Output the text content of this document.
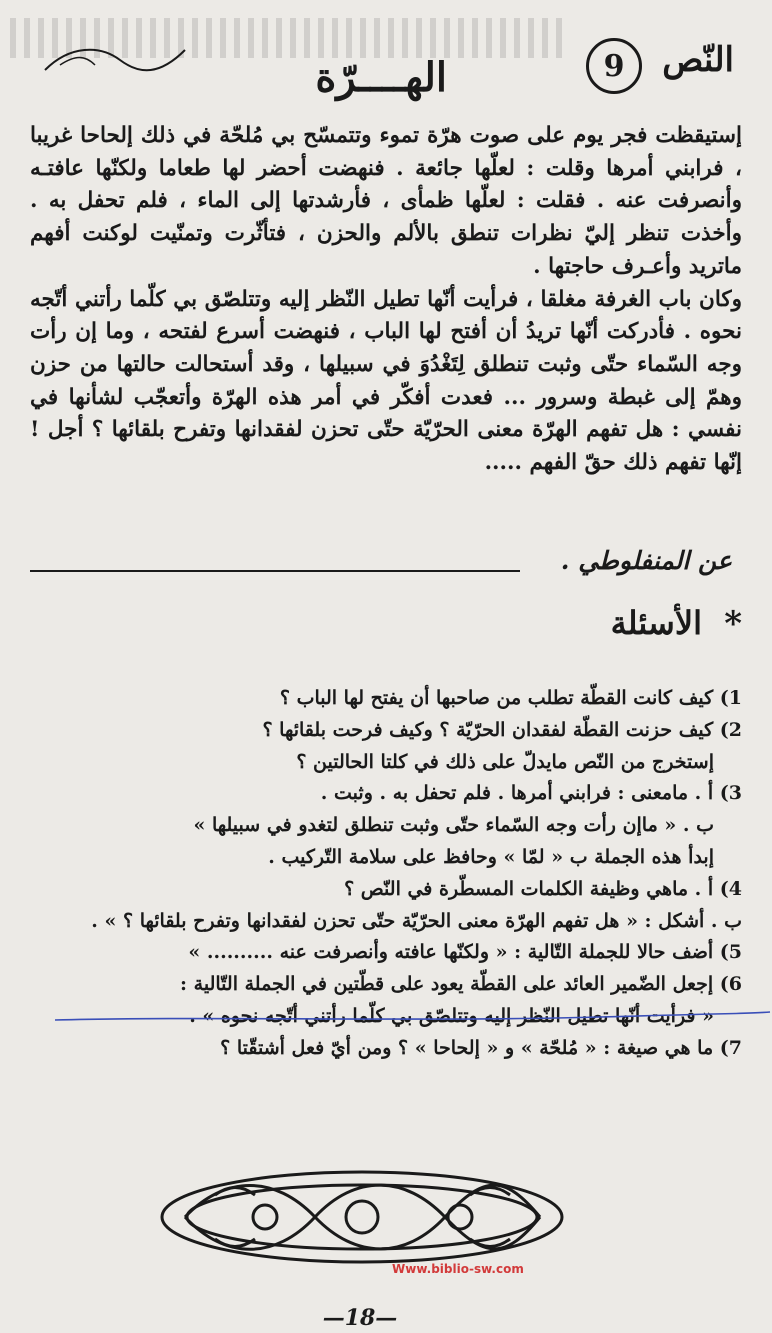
النّص
9
الهــــرّة

إستيقظت فجر يوم على صوت هرّة تموء وتتمسّح بي مُلحّة في ذلك إلحاحا غريبا ، فرابني أمرها وقلت : لعلّها جائعة . فنهضت أحضر لها طعاما ولكنّها عافتـه وأنصرفت عنه . فقلت : لعلّها ظمأى ، فأرشدتها إلى الماء ، فلم تحفل به . وأخذت تنظر إليّ نظرات تنطق بالألم والحزن ، فتأثّرت وتمنّيت لوكنت أفهم ماتريد وأعـرف حاجتها .

وكان باب الغرفة مغلقا ، فرأيت أنّها تطيل النّظر إليه وتتلصّق بي كلّما رأتني أتّجه نحوه . فأدركت أنّها تريدُ أن أفتح لها الباب ، فنهضت أسرع لفتحه ، وما إن رأت وجه السّماء حتّى وثبت تنطلق لِتَغْدُوَ في سبيلها ، وقد أستحالت حالتها من حزن وهمّ إلى غبطة وسرور ... فعدت أفكّر في أمر هذه الهرّة وأتعجّب لشأنها في نفسي : هل تفهم الهرّة معنى الحرّيّة حتّى تحزن لفقدانها وتفرح بلقائها ؟ أجل ! إنّها تفهم ذلك حقّ الفهم .....

عن المنفلوطي .
*
الأسئلة

1) كيف كانت القطّة تطلب من صاحبها أن يفتح لها الباب ؟

2) كيف حزنت القطّة لفقدان الحرّيّة ؟ وكيف فرحت بلقائها ؟

إستخرج من النّص مايدلّ على ذلك في كلتا الحالتين ؟

3) أ . مامعنى : فرابني أمرها . فلم تحفل به . وثبت .

ب . « ماإن رأت وجه السّماء حتّى وثبت تنطلق لتغدو في سبيلها »

إبدأ هذه الجملة ب « لمّا » وحافظ على سلامة التّركيب .

4) أ . ماهي وظيفة الكلمات المسطّرة في النّص ؟

ب . أشكل : « هل تفهم الهرّة معنى الحرّيّة حتّى تحزن لفقدانها وتفرح بلقائها ؟ » .

5) أضف حالا للجملة التّالية : « ولكنّها عافته وأنصرفت عنه .......... »

6) إجعل الضّمير العائد على القطّة يعود على قطّتين في الجملة التّالية :

« فرأيت أنّها تطيل النّظر إليه وتتلصّق بي كلّما رأتني أتّجه نحوه » .

7) ما هي صيغة : « مُلحّة » و « إلحاحا » ؟ ومن أيّ فعل أشتقّتا ؟

Www.biblio-sw.com
—18—
